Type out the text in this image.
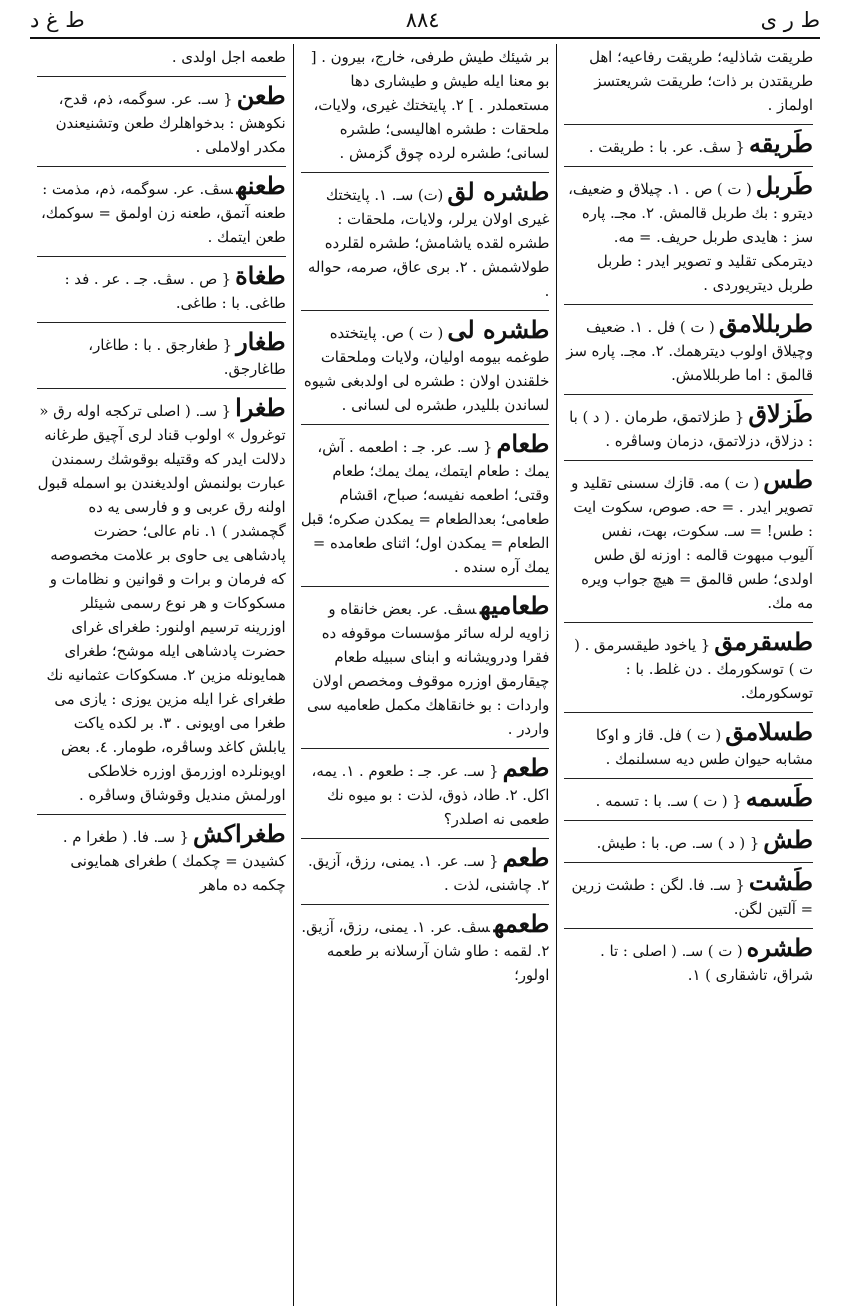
ط ر ى
٨٨٤
ط غ د

طريقت شاذليه؛ طريقت رفاعيه؛ اهل طريقتدن بر ذات؛ طريقت شريعتسز اولماز .

طَريقه{ سڤ. عر. با : طريقت .

طَربل( ت ) ص . ١. چيلاق و ضعيف، ديترو : بك طربل قالمش. ٢. مجـ. پاره سز : هايدى طربل حريف. = مه. ديترمكى تقليد و تصوير ايدر : طربل طربل ديتريوردى .

طربللامق( ت ) فل . ١. ضعيف وچيلاق اولوب ديترهمك. ٢. مجـ. پاره سز قالمق : اما طربللامش.

طَزلاق{ طزلاتمق، طرمان . ( د ) با : دزلاق، دزلاتمق، دزمان وساڤره .

طس( ت ) مه. قازك سسنى تقليد و تصوير ايدر . = حه. صوص، سكوت ايت : طس! = سـ. سكوت، بهت، نفس آليوب مبهوت قالمه : اوزنه لق طس اولدى؛ طس قالمق = هيچ جواب ويره مه مك.

طسقرمق{ ياخود طيقسرمق . ( ت ) توسكورمك . دن غلط. با : توسكورمك.

طسلامق( ت ) فل. قاز و اوكا مشابه حيوان طس ديه سسلنمك .

طَسمه{ ( ت ) سـ. با : تسمه .

طش{ ( د ) سـ. ص. با : طيش.

طَشت{ سـ. فا. لگن : طشت زرين = آلتين لگن.

طشره( ت ) سـ. ( اصلى : تا . شراق، تاشقارى ) ١.

بر شيئك طيش طرفى، خارج، بيرون . [ بو معنا ايله طيش و طيشارى دها مستعملدر . ] ٢. پايتختك غيرى، ولايات، ملحقات : طشره اهاليسى؛ طشره لسانى؛ طشره لرده چوق گزمش .

طشره لق(ت) سـ. ١. پايتختك غيرى اولان يرلر، ولايات، ملحقات : طشره لقده ياشامش؛ طشره لقلرده طولاشمش . ٢. برى عاق، صرمه، حواله .

طشره لى( ت ) ص. پايتختده طوغمه بيومه اوليان، ولايات وملحقات خلقندن اولان : طشره لى اولدبغى شيوه لساندن بلليدر، طشره لى لسانى .

طعام{ سـ. عر. جـ : اطعمه . آش، يمك : طعام ايتمك، يمك يمك؛ طعام وقتى؛ اطعمه نفيسه؛ صباح، اقشام طعامى؛ بعدالطعام = يمكدن صكره؛ قبل الطعام = يمكدن اول؛ اثناى طعامده = يمك آره سنده .

طعاميهسڤ. عر. بعض خانقاه و زاويه لرله سائر مؤسسات موقوفه ده فقرا ودرويشانه و ابناى سبيله طعام چيقارمق اوزره موقوف ومخصص اولان واردات : بو خانقاهك مكمل طعاميه سى واردر .

طعم{ سـ. عر. جـ : طعوم . ١. يمه، اكل. ٢. طاد، ذوق، لذت : بو ميوه نك طعمى نه اصلدر؟

طعم{ سـ. عر. ١. يمنى، رزق، آزيق. ٢. چاشنى، لذت .

طعمهسڤ. عر. ١. يمنى، رزق، آزيق. ٢. لقمه : طاو شان آرسلانه بر طعمه اولور؛

طعمه اجل اولدى .

طعن{ سـ. عر. سوگمه، ذم، قدح، نكوهش : بدخواهلرك طعن وتشنيعندن مكدر اولاملى .

طعنهسڤ. عر. سوگمه، ذم، مذمت : طعنه آتمق، طعنه زن اولمق = سوكمك، طعن ايتمك .

طغاة{ ص . سڤ. جـ . عر . فد : طاغى. با : طاغى.

طغار{ طغارجق . با : طاغار، طاغارجق.

طغرا{ سـ. ( اصلى تركجه اوله رق « توغرول » اولوب قناد لرى آچيق طرغانه دلالت ايدر كه وقتيله بوقوشك رسمندن عبارت بولنمش اولديغندن بو اسمله قبول اولنه رق عربى و و فارسى يه ده گچمشدر ) ١. نام عالى؛ حضرت پادشاهى يى حاوى بر علامت مخصوصه كه فرمان و برات و قوانين و نظامات و مسكوكات و هر نوع رسمى شيئلر اوزرينه ترسيم اولنور: طغراى غراى حضرت پادشاهى ايله موشح؛ طغراى همايونله مزين ٢. مسكوكات عثمانيه نك طغراى غرا ايله مزين يوزى : يازى مى طغرا مى اويونى . ٣. بر لكده ياكت يابلش كاغد وساڤره، طومار. ٤. بعض اويونلرده اوزرمق اوزره خلاطكى اورلمش منديل وقوشاق وساڤره .

طغراكش{ سـ. فا. ( طغرا م . كشيدن = چكمك ) طغراى همايونى چكمه ده ماهر
